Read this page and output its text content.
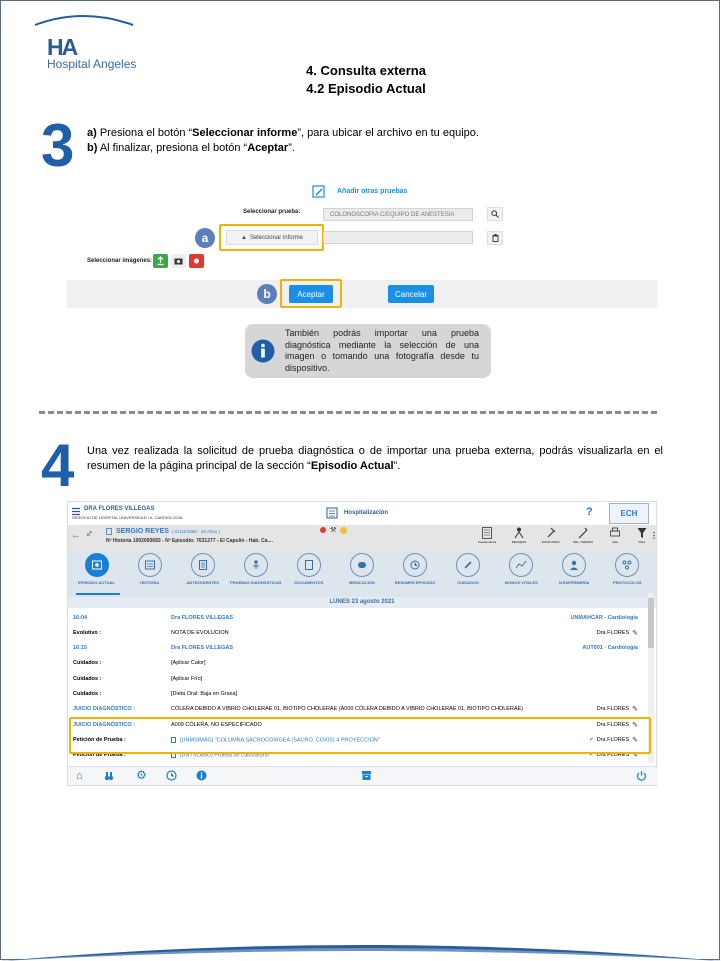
HA
Hospital Angeles	4. Consulta externa
4.2 Episodio Actual
3 a) Presiona el botón “Seleccionar informe”, para ubicar el archivo en tu equipo.
b) Al finalizar, presiona el botón “Aceptar”.
Añadir otras pruebas
Seleccionar prueba:	COLONOSCOPIA C/EQUIPO DE ANESTESIA
a	▲ Seleccionar informe
Seleccionar imágenes:
b	Aceptar	Cancelar
También podrás importar una prueba diagnóstica mediante la selección de una imagen o tomando una fotografía desde tu dispositivo.
4 Una vez realizada la solicitud de prueba diagnóstica o de importar una prueba externa, podrás visualizarla en el resumen de la página principal de la sección “Episodio Actual”.
DRA FLORES VILLEGAS
SERVICIO DE HOSPITAL UNIVERSIDAD / A. CARDIOLOGÍA
Hospitalización	?	ECH
← ♂	SERGIO REYES ( 01/11/1980 · 40 Años )
Nº Historia 1002693683 - Nº Episodio: 7631277 - El Capulín - Hab. Ca....
⚒
Cuestionarios	PEXAQAS	JUICIO DIAG.	SOL. CIRUGIA	Alta	Filtro
⋮
EPISODIO ACTUAL	HISTORIA	ANTECEDENTES	PRUEBAS DIAGNÓSTICAS	DOCUMENTOS	MEDICACIÓN	RESUMEN EPISODIO	CUIDADOS	SIGNOS VITALES	N.ENFERMERÍA	PROTOCOLOS
LUNES 23 agosto 2021
16:04	Dra FLORES VILLEGAS	UNMAHCAR - Cardiología
Evolutivo :	NOTA DE EVOLUCION	Dra FLORES ✎
16:15	Dra FLORES VILLEGAS	AUT001 - Cardiología
Cuidados :	[Aplicar Calor]
Cuidados :	[Aplicar Frío]
Cuidados :	[Dieta Oral: Baja en Grasa]
JUICIO DIAGNÓSTICO :	CÓLERA DEBIDO A VIBRIO CHOLERAE 01, BIOTIPO CHOLERAE (A000 CÓLERA DEBIDO A VIBRIO CHOLERAE 01, BIOTIPO CHOLERAE)	Dra FLORES ✎
JUICIO DIAGNÓSTICO :	A009 CÓLERA, NO ESPECIFICADO	Dra FLORES ✎
Petición de Prueba :	[UNMSIMAG] "COLUMNA SACROCOXIGEA (SACRO, COXIS) 4 PROYECCION"	✓ Dra FLORES ✎
Petición de Prueba :	[UNTSLABO] Prueba de Laboratorio	✓ Dra FLORES ✎
⌂	⚙
